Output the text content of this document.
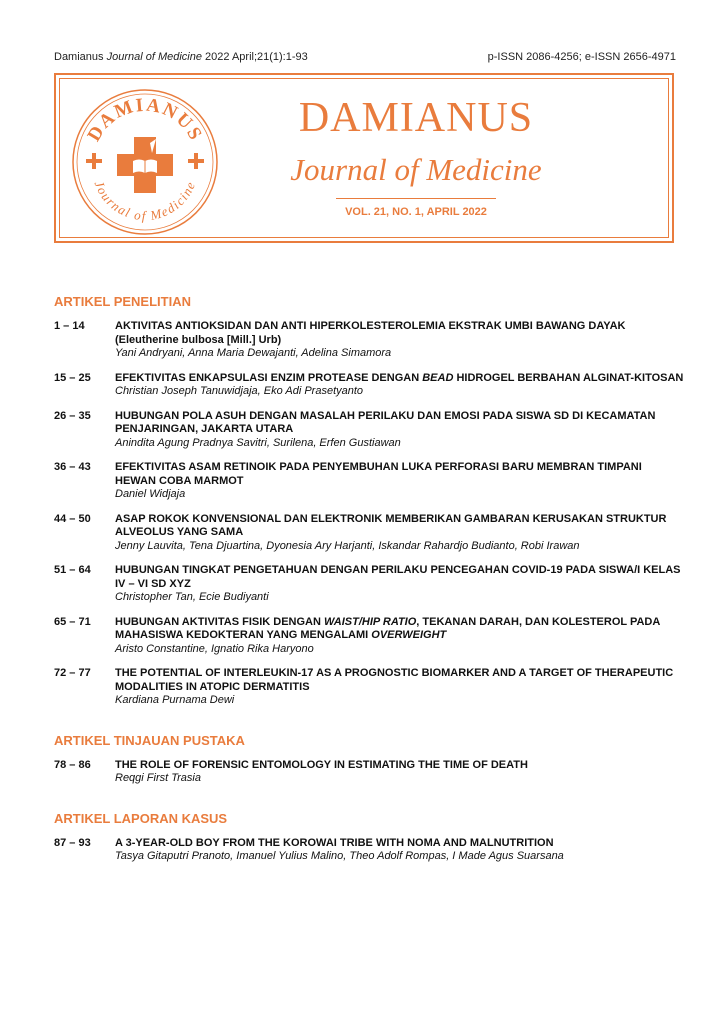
Damianus Journal of Medicine 2022 April;21(1):1-93	p-ISSN 2086-4256; e-ISSN 2656-4971
DAMIANUS
Journal of Medicine
DAMIANUS
Journal of Medicine
VOL. 21, NO. 1, APRIL 2022
ARTIKEL PENELITIAN
1 – 14	AKTIVITAS ANTIOKSIDAN DAN ANTI HIPERKOLESTEROLEMIA EKSTRAK UMBI BAWANG DAYAK (Eleutherine bulbosa [Mill.] Urb)
Yani Andryani, Anna Maria Dewajanti, Adelina Simamora
15 – 25	EFEKTIVITAS ENKAPSULASI ENZIM PROTEASE DENGAN BEAD HIDROGEL BERBAHAN ALGINAT-KITOSAN
Christian Joseph Tanuwidjaja, Eko Adi Prasetyanto
26 – 35	HUBUNGAN POLA ASUH DENGAN MASALAH PERILAKU DAN EMOSI PADA SISWA SD DI KECAMATAN PENJARINGAN, JAKARTA UTARA
Anindita Agung Pradnya Savitri, Surilena, Erfen Gustiawan
36 – 43	EFEKTIVITAS ASAM RETINOIK PADA PENYEMBUHAN LUKA PERFORASI BARU MEMBRAN TIMPANI HEWAN COBA MARMOT
Daniel Widjaja
44 – 50	ASAP ROKOK KONVENSIONAL DAN ELEKTRONIK MEMBERIKAN GAMBARAN KERUSAKAN STRUKTUR ALVEOLUS YANG SAMA
Jenny Lauvita, Tena Djuartina, Dyonesia Ary Harjanti, Iskandar Rahardjo Budianto, Robi Irawan
51 – 64	HUBUNGAN TINGKAT PENGETAHUAN DENGAN PERILAKU PENCEGAHAN COVID-19 PADA SISWA/I KELAS IV – VI SD XYZ
Christopher Tan, Ecie Budiyanti
65 – 71	HUBUNGAN AKTIVITAS FISIK DENGAN WAIST/HIP RATIO, TEKANAN DARAH, DAN KOLESTEROL PADA MAHASISWA KEDOKTERAN YANG MENGALAMI OVERWEIGHT
Aristo Constantine, Ignatio Rika Haryono
72 – 77	THE POTENTIAL OF INTERLEUKIN-17 AS A PROGNOSTIC BIOMARKER AND A TARGET OF THERAPEUTIC MODALITIES IN ATOPIC DERMATITIS
Kardiana Purnama Dewi
ARTIKEL TINJAUAN PUSTAKA
78 – 86	THE ROLE OF FORENSIC ENTOMOLOGY IN ESTIMATING THE TIME OF DEATH
Reqgi First Trasia
ARTIKEL LAPORAN KASUS
87 – 93	A 3-YEAR-OLD BOY FROM THE KOROWAI TRIBE WITH NOMA AND MALNUTRITION
Tasya Gitaputri Pranoto, Imanuel Yulius Malino, Theo Adolf Rompas, I Made Agus Suarsana
